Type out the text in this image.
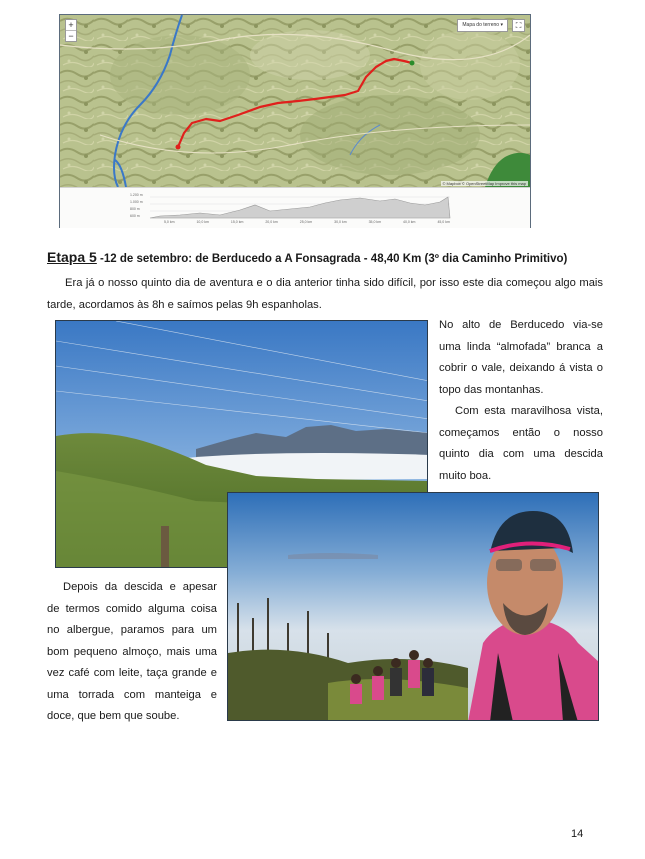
+
−
Mapa do terreno ▾	⛶
© Mapbox © OpenStreetMap Improve this map
1.200 m
1.000 m
800 m
600 m
5,0 km	10,0 km	15,0 km	20,0 km	25,0 km	30,0 km	35,0 km	40,0 km	45,0 km
Etapa 5 -12 de setembro: de Berducedo a A Fonsagrada - 48,40 Km (3º dia Caminho Primitivo)
Era já o nosso quinto dia de aventura e o dia anterior tinha sido difícil, por isso este dia começou algo mais tarde, acordamos às 8h e saímos pelas 9h espanholas.

No alto de Berducedo via-se uma linda “almofada” branca a cobrir o vale, deixando á vista o topo das montanhas.

Com esta maravilhosa vista, começamos então o nosso quinto dia com uma descida muito boa.

Depois da descida e apesar de termos comido alguma coisa no albergue, paramos para um bom pequeno almoço, mais uma vez café com leite, taça grande e uma torrada com manteiga e doce, que bem que soube.
14
